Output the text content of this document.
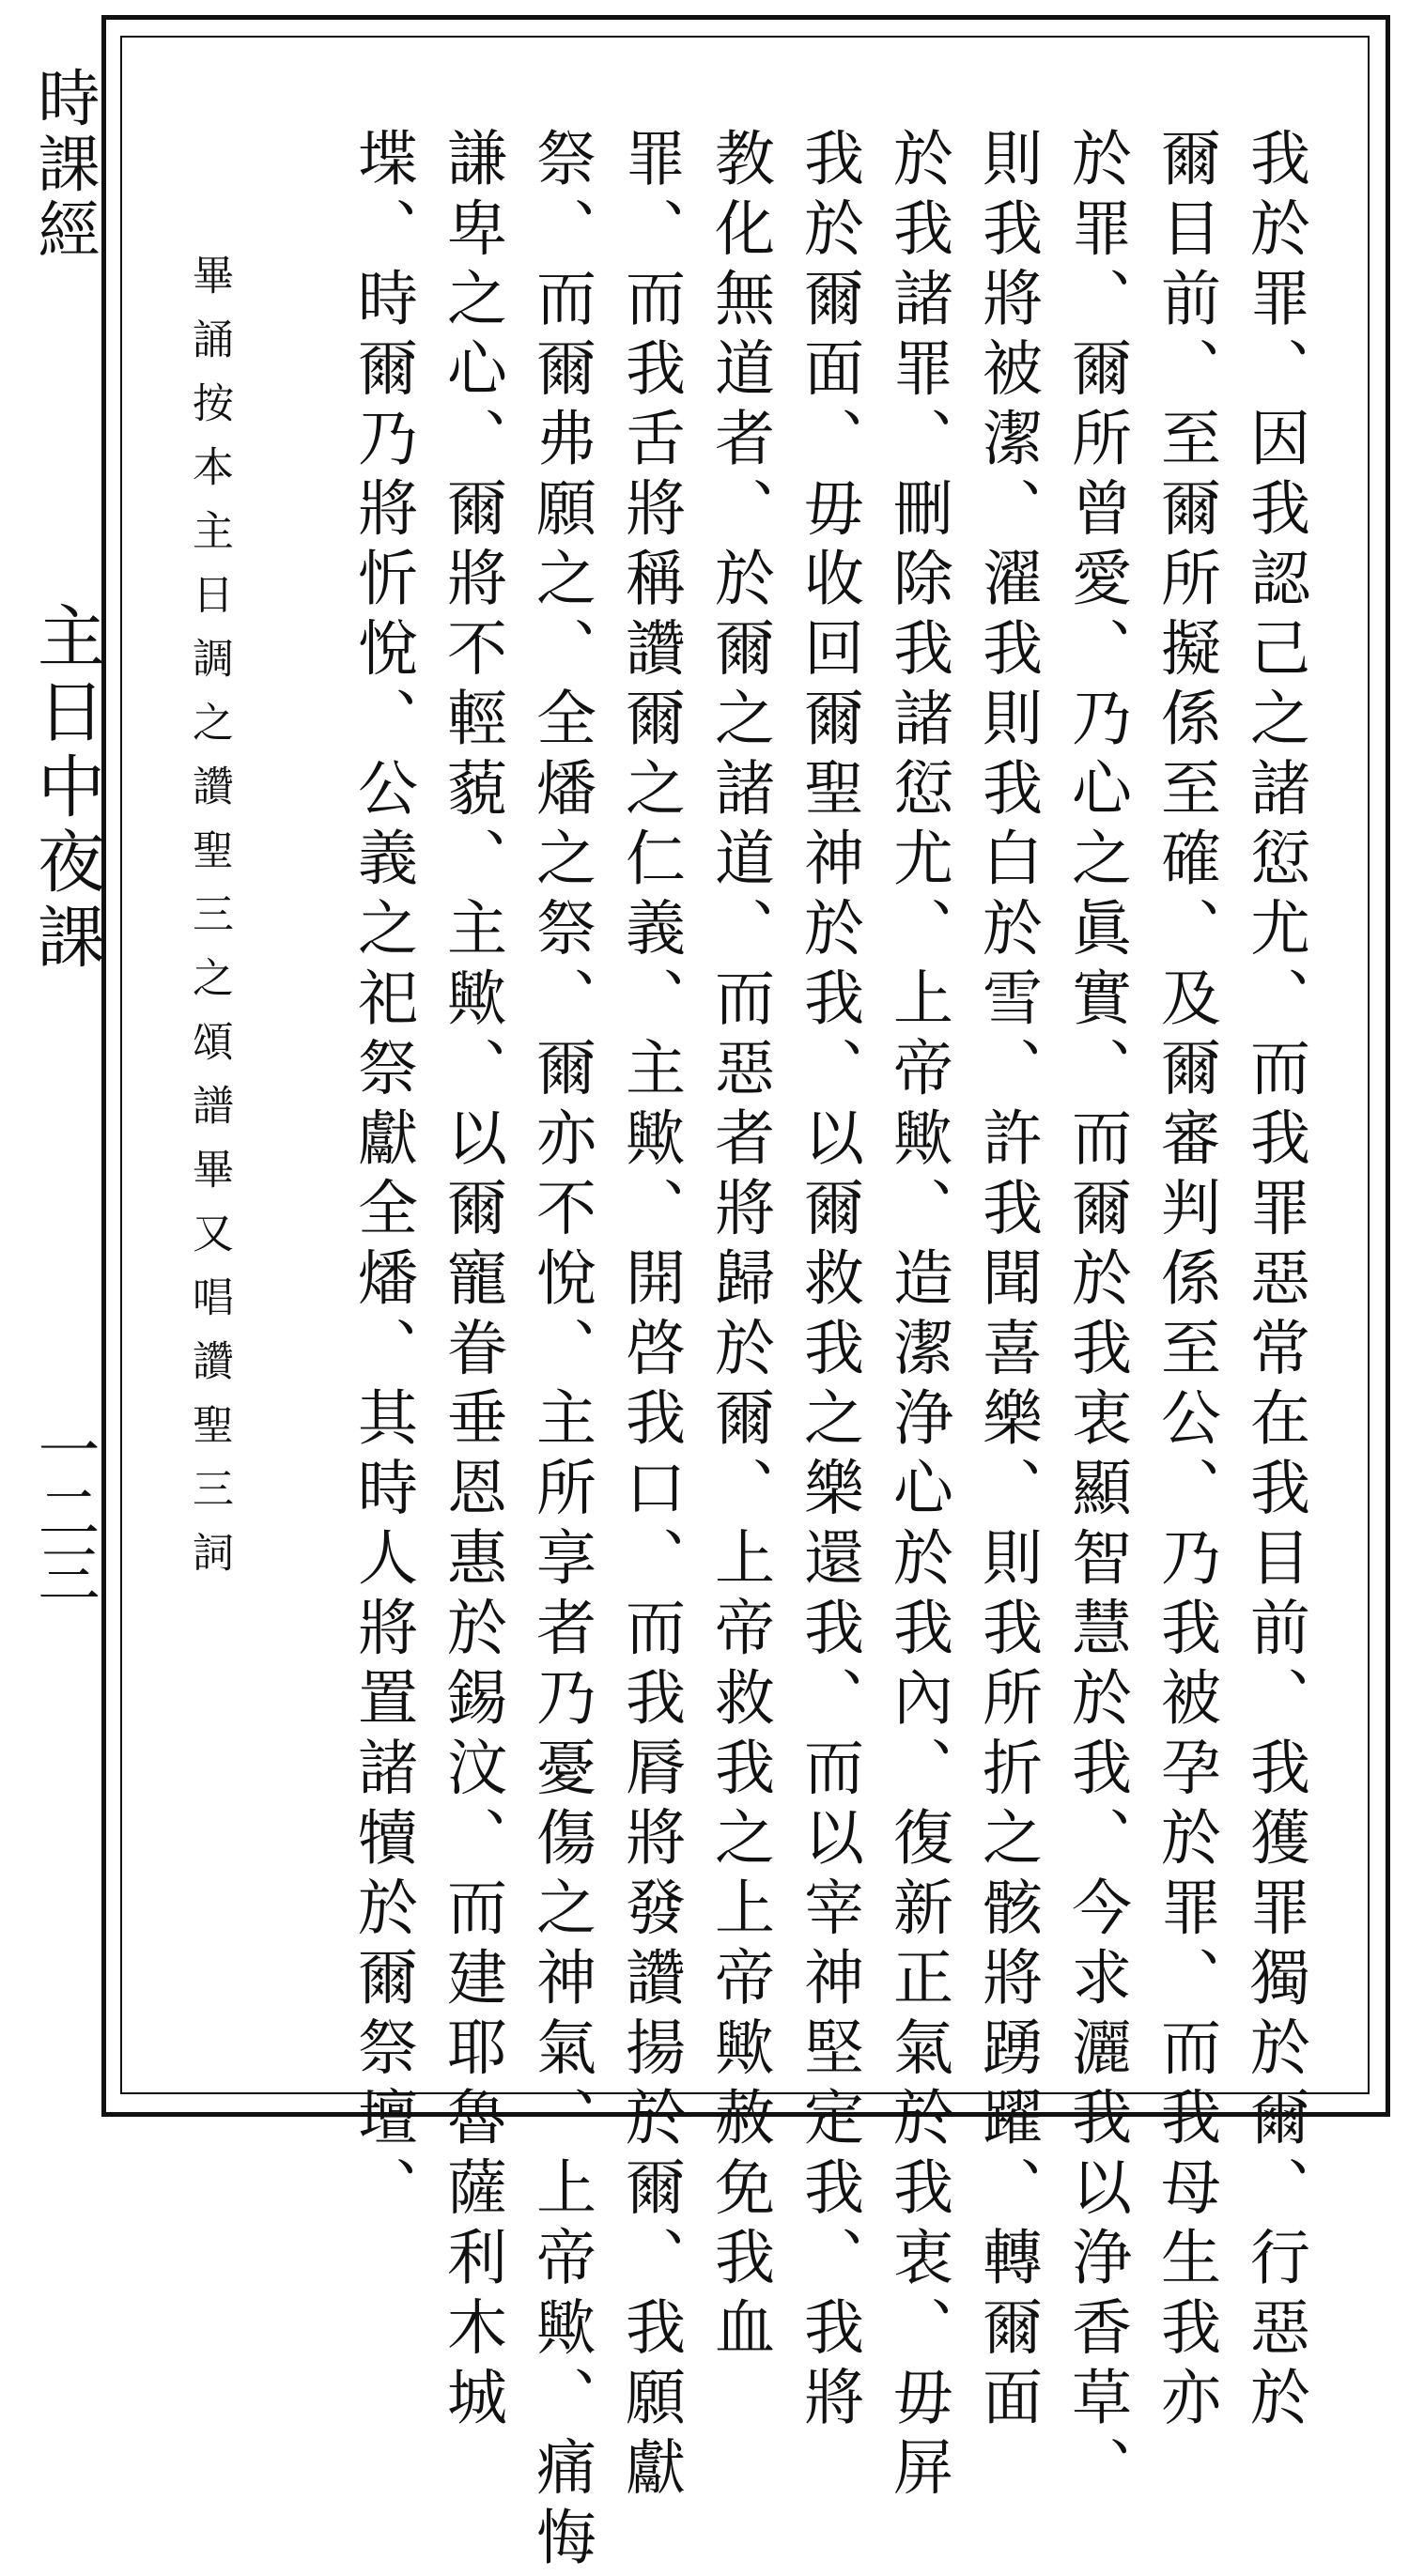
時課經
主日中夜課
一二三 畢誦按本主日調之讚聖三之頌譜畢又唱讚聖三詞	我於罪、因我認己之諸愆尤、而我罪惡常在我目前、我獲罪獨於爾、行惡於
爾目前、至爾所擬係至確、及爾審判係至公、乃我被孕於罪、而我母生我亦
於罪、爾所曾愛、乃心之眞實、而爾於我衷顯智慧於我、今求灑我以浄香草、
則我將被潔、濯我則我白於雪、許我聞喜樂、則我所折之骸將踴躍、轉爾面
於我諸罪、刪除我諸愆尤、上帝歟、造潔浄心於我內、復新正氣於我衷、毋屏
我於爾面、毋收回爾聖神於我、以爾救我之樂還我、而以宰神堅定我、我將
教化無道者、於爾之諸道、而惡者將歸於爾、上帝救我之上帝歟赦免我血
罪、而我舌將稱讚爾之仁義、主歟、開啓我口、而我脣將發讚揚於爾、我願獻
祭、而爾弗願之、全燔之祭、爾亦不悅、主所享者乃憂傷之神氣、上帝歟、痛悔
謙卑之心、爾將不輕藐、主歟、以爾寵眷垂恩惠於錫汶、而建耶魯薩利木城
堞、時爾乃將忻悅、公義之祀祭獻全燔、其時人將置諸犢於爾祭壇、
